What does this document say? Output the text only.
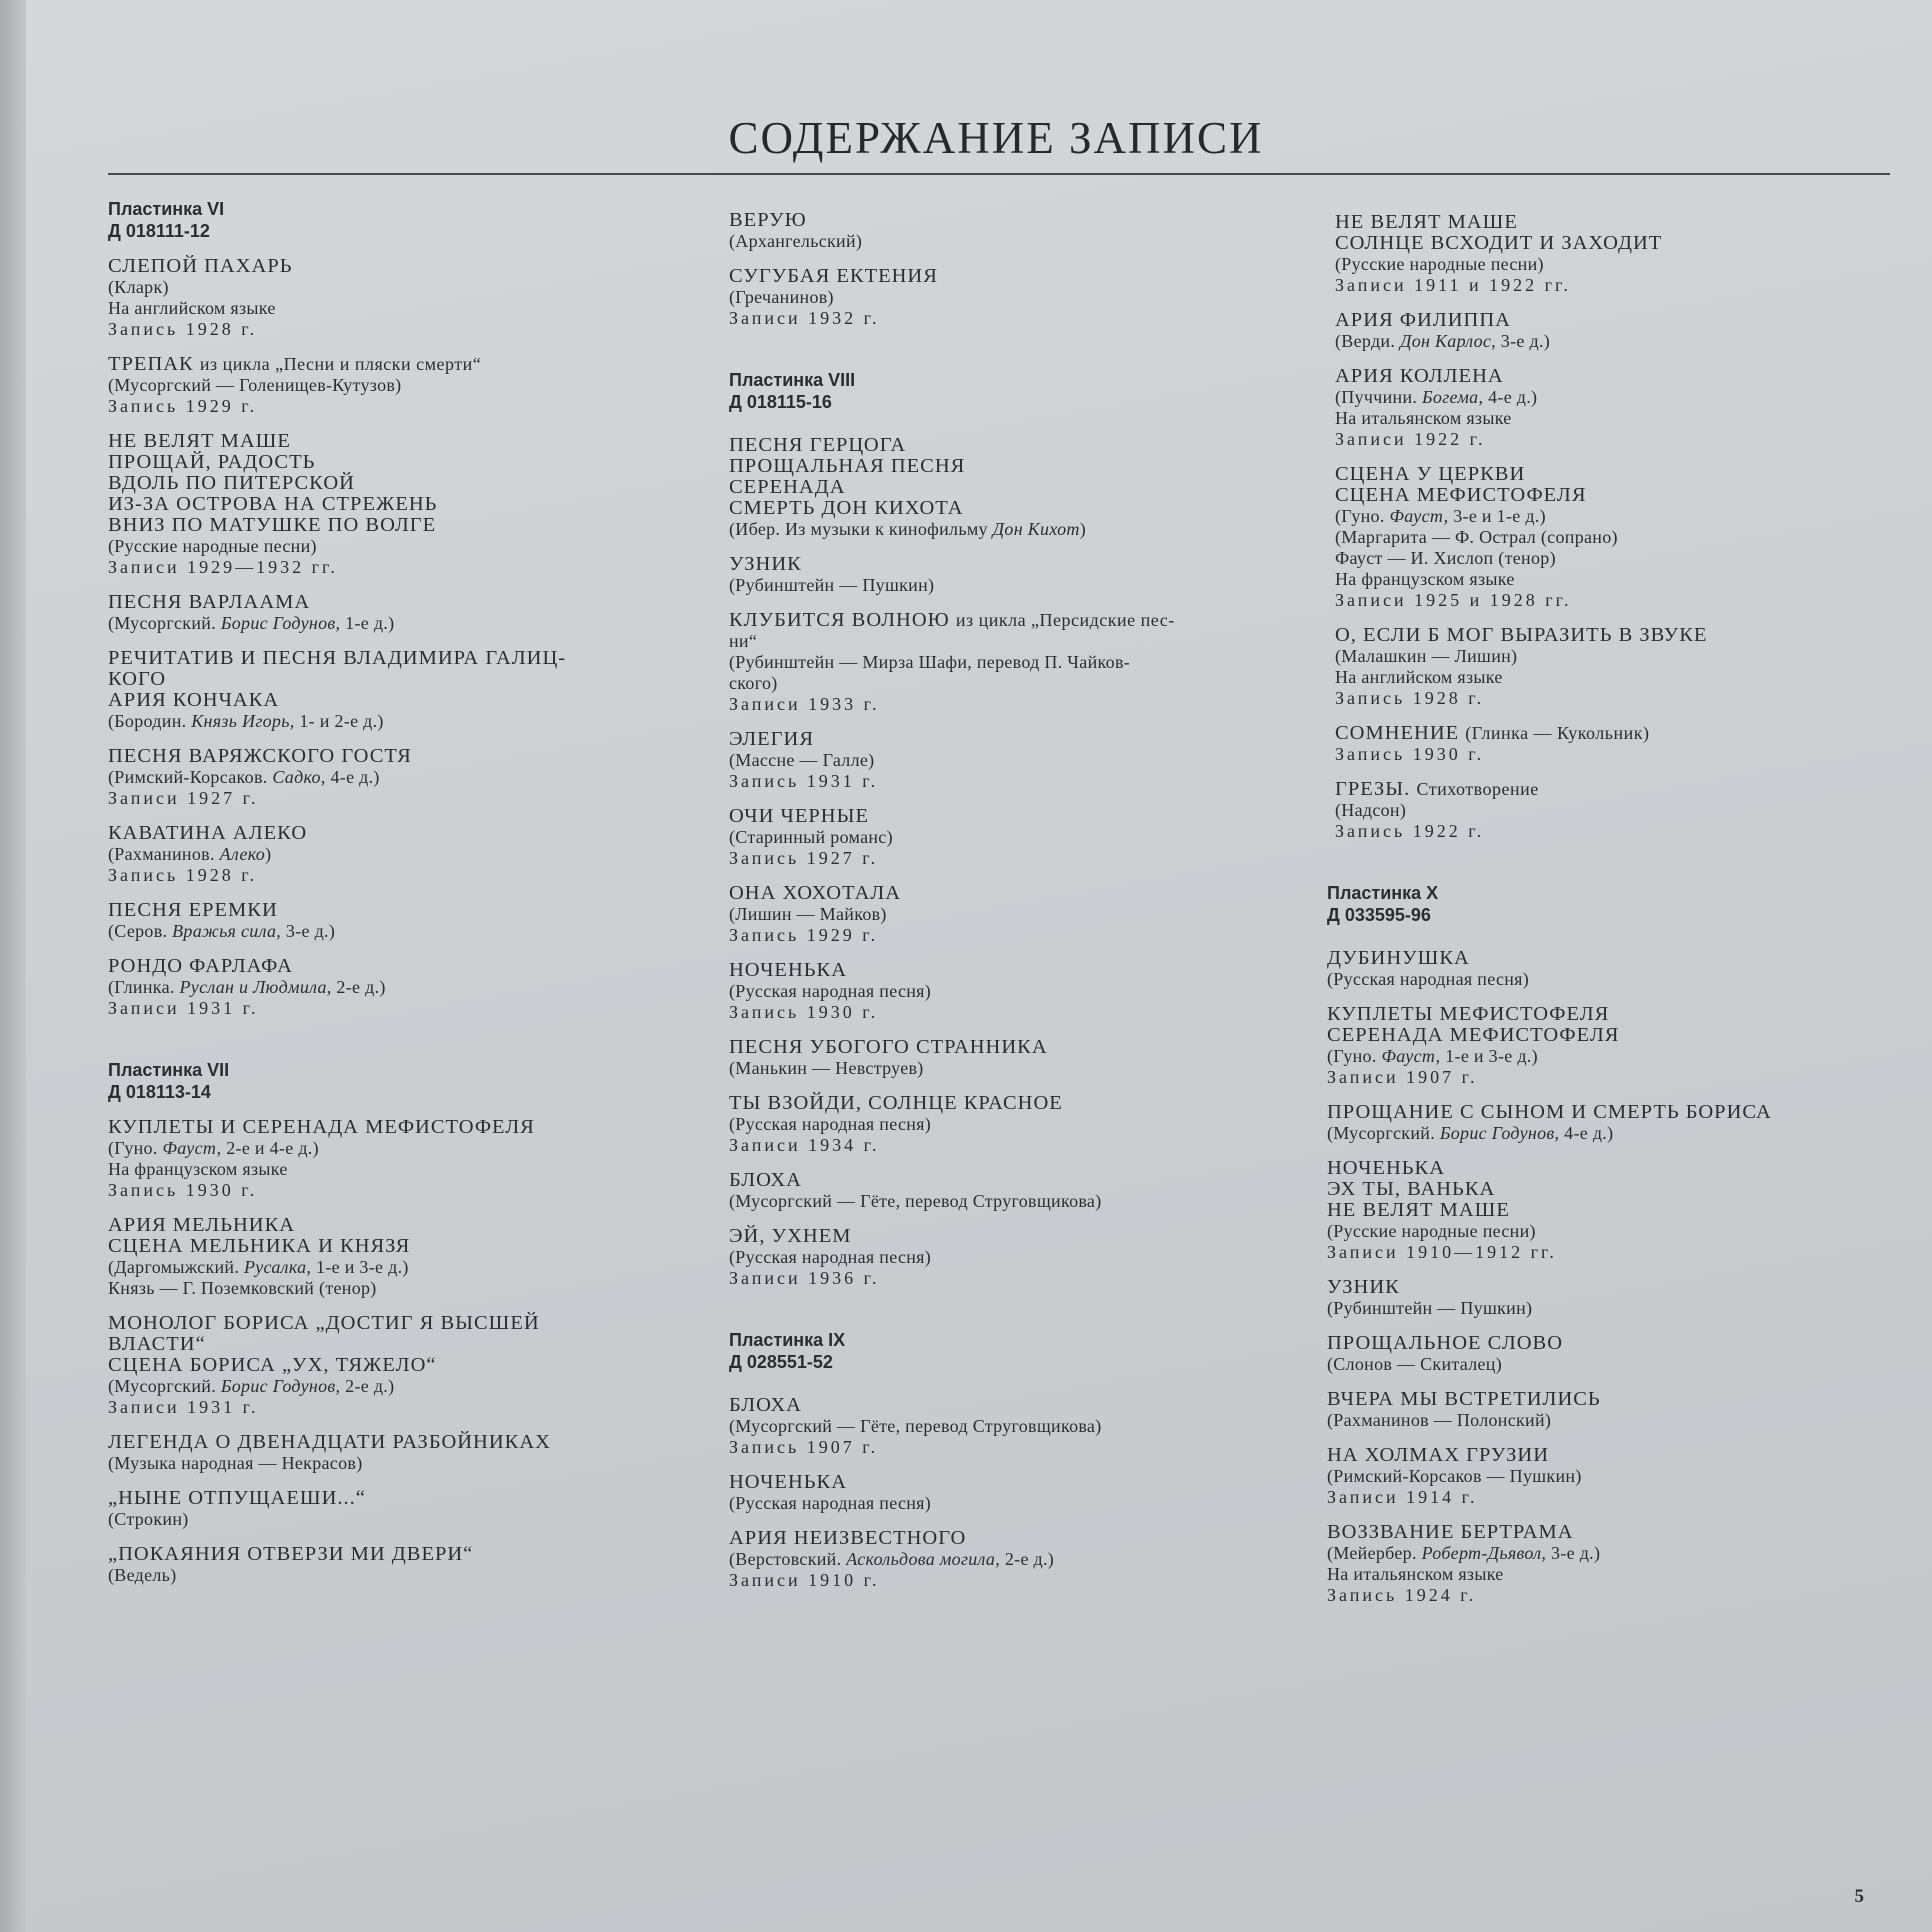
СОДЕРЖАНИЕ ЗАПИСИ
Пластинка VI
Д 018111-12
СЛЕПОЙ ПАХАРЬ
(Кларк)
На английском языке
Запись 1928 г.
ТРЕПАК из цикла „Песни и пляски смерти“
(Мусоргский — Голенищев-Кутузов)
Запись 1929 г.
НЕ ВЕЛЯТ МАШЕ
ПРОЩАЙ, РАДОСТЬ
ВДОЛЬ ПО ПИТЕРСКОЙ
ИЗ-ЗА ОСТРОВА НА СТРЕЖЕНЬ
ВНИЗ ПО МАТУШКЕ ПО ВОЛГЕ
(Русские народные песни)
Записи 1929—1932 гг.
ПЕСНЯ ВАРЛААМА
(Мусоргский. Борис Годунов, 1-е д.)
РЕЧИТАТИВ И ПЕСНЯ ВЛАДИМИРА ГАЛИЦ-
КОГО
АРИЯ КОНЧАКА
(Бородин. Князь Игорь, 1- и 2-е д.)
ПЕСНЯ ВАРЯЖСКОГО ГОСТЯ
(Римский-Корсаков. Садко, 4-е д.)
Записи 1927 г.
КАВАТИНА АЛЕКО
(Рахманинов. Алеко)
Запись 1928 г.
ПЕСНЯ ЕРЕМКИ
(Серов. Вражья сила, 3-е д.)
РОНДО ФАРЛАФА
(Глинка. Руслан и Людмила, 2-е д.)
Записи 1931 г.
Пластинка VII
Д 018113-14
КУПЛЕТЫ И СЕРЕНАДА МЕФИСТОФЕЛЯ
(Гуно. Фауст, 2-е и 4-е д.)
На французском языке
Запись 1930 г.
АРИЯ МЕЛЬНИКА
СЦЕНА МЕЛЬНИКА И КНЯЗЯ
(Даргомыжский. Русалка, 1-е и 3-е д.)
Князь — Г. Поземковский (тенор)
МОНОЛОГ БОРИСА „ДОСТИГ Я ВЫСШЕЙ
ВЛАСТИ“
СЦЕНА БОРИСА „УХ, ТЯЖЕЛО“
(Мусоргский. Борис Годунов, 2-е д.)
Записи 1931 г.
ЛЕГЕНДА О ДВЕНАДЦАТИ РАЗБОЙНИКАХ
(Музыка народная — Некрасов)
„НЫНЕ ОТПУЩАЕШИ...“
(Строкин)
„ПОКАЯНИЯ ОТВЕРЗИ МИ ДВЕРИ“
(Ведель)
ВЕРУЮ
(Архангельский)
СУГУБАЯ ЕКТЕНИЯ
(Гречанинов)
Записи 1932 г.
Пластинка VIII
Д 018115-16
ПЕСНЯ ГЕРЦОГА
ПРОЩАЛЬНАЯ ПЕСНЯ
СЕРЕНАДА
СМЕРТЬ ДОН КИХОТА
(Ибер. Из музыки к кинофильму Дон Кихот)
УЗНИК
(Рубинштейн — Пушкин)
КЛУБИТСЯ ВОЛНОЮ из цикла „Персидские пес-
ни“
(Рубинштейн — Мирза Шафи, перевод П. Чайков-
ского)
Записи 1933 г.
ЭЛЕГИЯ
(Массне — Галле)
Запись 1931 г.
ОЧИ ЧЕРНЫЕ
(Старинный романс)
Запись 1927 г.
ОНА ХОХОТАЛА
(Лишин — Майков)
Запись 1929 г.
НОЧЕНЬКА
(Русская народная песня)
Запись 1930 г.
ПЕСНЯ УБОГОГО СТРАННИКА
(Манькин — Невструев)
ТЫ ВЗОЙДИ, СОЛНЦЕ КРАСНОЕ
(Русская народная песня)
Записи 1934 г.
БЛОХА
(Мусоргский — Гёте, перевод Струговщикова)
ЭЙ, УХНЕМ
(Русская народная песня)
Записи 1936 г.
Пластинка IX
Д 028551-52
БЛОХА
(Мусоргский — Гёте, перевод Струговщикова)
Запись 1907 г.
НОЧЕНЬКА
(Русская народная песня)
АРИЯ НЕИЗВЕСТНОГО
(Верстовский. Аскольдова могила, 2-е д.)
Записи 1910 г.
НЕ ВЕЛЯТ МАШЕ
СОЛНЦЕ ВСХОДИТ И ЗАХОДИТ
(Русские народные песни)
Записи 1911 и 1922 гг.
АРИЯ ФИЛИППА
(Верди. Дон Карлос, 3-е д.)
АРИЯ КОЛЛЕНА
(Пуччини. Богема, 4-е д.)
На итальянском языке
Записи 1922 г.
СЦЕНА У ЦЕРКВИ
СЦЕНА МЕФИСТОФЕЛЯ
(Гуно. Фауст, 3-е и 1-е д.)
(Маргарита — Ф. Острал (сопрано)
Фауст — И. Хислоп (тенор)
На французском языке
Записи 1925 и 1928 гг.
О, ЕСЛИ Б МОГ ВЫРАЗИТЬ В ЗВУКЕ
(Малашкин — Лишин)
На английском языке
Запись 1928 г.
СОМНЕНИЕ (Глинка — Кукольник)
Запись 1930 г.
ГРЕЗЫ. Стихотворение
(Надсон)
Запись 1922 г.
Пластинка X
Д 033595-96
ДУБИНУШКА
(Русская народная песня)
КУПЛЕТЫ МЕФИСТОФЕЛЯ
СЕРЕНАДА МЕФИСТОФЕЛЯ
(Гуно. Фауст, 1-е и 3-е д.)
Записи 1907 г.
ПРОЩАНИЕ С СЫНОМ И СМЕРТЬ БОРИСА
(Мусоргский. Борис Годунов, 4-е д.)
НОЧЕНЬКА
ЭХ ТЫ, ВАНЬКА
НЕ ВЕЛЯТ МАШЕ
(Русские народные песни)
Записи 1910—1912 гг.
УЗНИК
(Рубинштейн — Пушкин)
ПРОЩАЛЬНОЕ СЛОВО
(Слонов — Скиталец)
ВЧЕРА МЫ ВСТРЕТИЛИСЬ
(Рахманинов — Полонский)
НА ХОЛМАХ ГРУЗИИ
(Римский-Корсаков — Пушкин)
Записи 1914 г.
ВОЗЗВАНИЕ БЕРТРАМА
(Мейербер. Роберт-Дьявол, 3-е д.)
На итальянском языке
Запись 1924 г.
5
